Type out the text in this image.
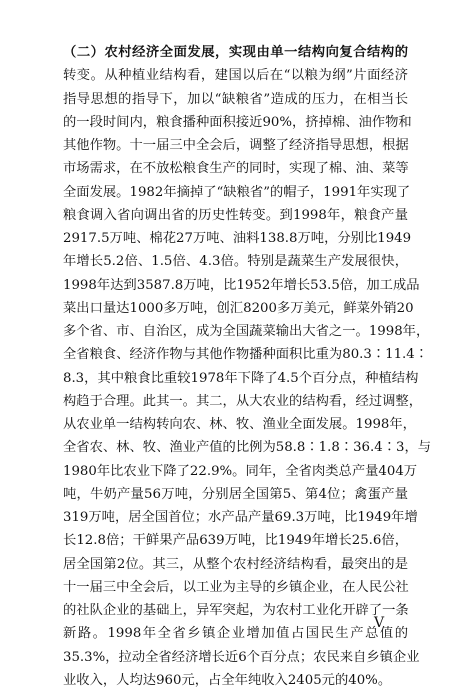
（二）农村经济全面发展，实现由单一结构向复合结构的
转变。从种植业结构看，建国以后在“以粮为纲”片面经济
指导思想的指导下，加以“缺粮省”造成的压力，在相当长
的一段时间内，粮食播种面积接近90%，挤掉棉、油作物和
其他作物。十一届三中全会后，调整了经济指导思想，根据
市场需求，在不放松粮食生产的同时，实现了棉、油、菜等
全面发展。1982年摘掉了“缺粮省”的帽子，1991年实现了
粮食调入省向调出省的历史性转变。到1998年，粮食产量
2917.5万吨、棉花27万吨、油料138.8万吨，分别比1949
年增长5.2倍、1.5倍、4.3倍。特别是蔬菜生产发展很快，
1998年达到3587.8万吨，比1952年增长53.5倍，加工成品
菜出口量达1000多万吨，创汇8200多万美元，鲜菜外销20
多个省、市、自治区，成为全国蔬菜输出大省之一。1998年，
全省粮食、经济作物与其他作物播种面积比重为80.3∶11.4∶
8.3，其中粮食比重较1978年下降了4.5个百分点，种植结构
构趋于合理。此其一。其二，从大农业的结构看，经过调整，
从农业单一结构转向农、林、牧、渔业全面发展。1998年，
全省农、林、牧、渔业产值的比例为58.8∶1.8∶36.4∶3，与
1980年比农业下降了22.9%。同年，全省肉类总产量404万
吨，牛奶产量56万吨，分别居全国第5、第4位；禽蛋产量
319万吨，居全国首位；水产品产量69.3万吨，比1949年增
长12.8倍；干鲜果产品639万吨，比1949年增长25.6倍，
居全国第2位。其三，从整个农村经济结构看，最突出的是
十一届三中全会后，以工业为主导的乡镇企业，在人民公社
的社队企业的基础上，异军突起，为农村工业化开辟了一条
新路。1998年全省乡镇企业增加值占国民生产总值的
35.3%，拉动全省经济增长近6个百分点；农民来自乡镇企业
业收入，人均达960元，占全年纯收入2405元的40%。
V
